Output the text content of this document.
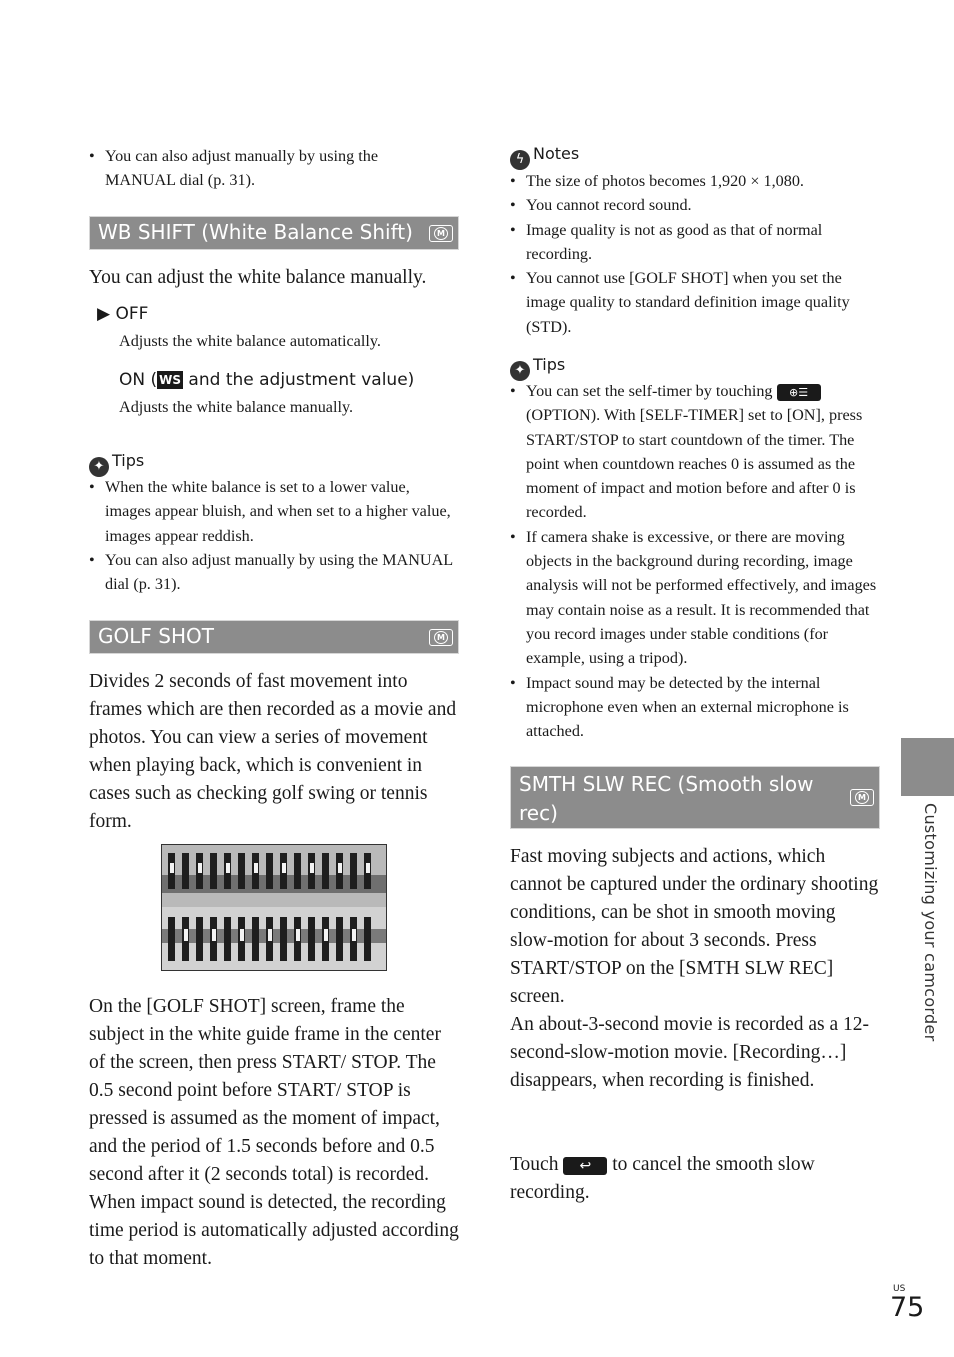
• You can also adjust manually by using the MANUAL dial (p. 31).
WB SHIFT (White Balance Shift)	M
You can adjust the white balance manually.
▶ OFF
Adjusts the white balance automatically.
ON ( WS and the adjustment value)
Adjusts the white balance manually.
✦ Tips
• When the white balance is set to a lower value, images appear bluish, and when set to a higher value, images appear reddish.
• You can also adjust manually by using the MANUAL dial (p. 31).
GOLF SHOT	M
Divides 2 seconds of fast movement into frames which are then recorded as a movie and photos. You can view a series of movement when playing back, which is convenient in cases such as checking golf swing or tennis form.
On the [GOLF SHOT] screen, frame the subject in the white guide frame in the center of the screen, then press START/ STOP. The 0.5 second point before START/ STOP is pressed is assumed as the moment of impact, and the period of 1.5 seconds before and 0.5 second after it (2 seconds total) is recorded. When impact sound is detected, the recording time period is automatically adjusted according to that moment.
ϟ Notes
• The size of photos becomes 1,920 × 1,080.
• You cannot record sound.
• Image quality is not as good as that of normal recording.
• You cannot use [GOLF SHOT] when you set the image quality to standard definition image quality (STD).
✦ Tips
• You can set the self-timer by touching ⊕☰ (OPTION). With [SELF-TIMER] set to [ON], press START/STOP to start countdown of the timer. The point when countdown reaches 0 is assumed as the moment of impact and motion before and after 0 is recorded.
• If camera shake is excessive, or there are moving objects in the background during recording, image analysis will not be performed effectively, and images may contain noise as a result. It is recommended that you record images under stable conditions (for example, using a tripod).
• Impact sound may be detected by the internal microphone even when an external microphone is attached.
SMTH SLW REC (Smooth slow rec)
M
Fast moving subjects and actions, which cannot be captured under the ordinary shooting conditions, can be shot in smooth moving slow-motion for about 3 seconds. Press START/STOP on the [SMTH SLW REC] screen.
An about-3-second movie is recorded as a 12-second-slow-motion movie. [Recording…] disappears, when recording is finished.
Touch ↩ to cancel the smooth slow recording.
Customizing your camcorder
US
75
